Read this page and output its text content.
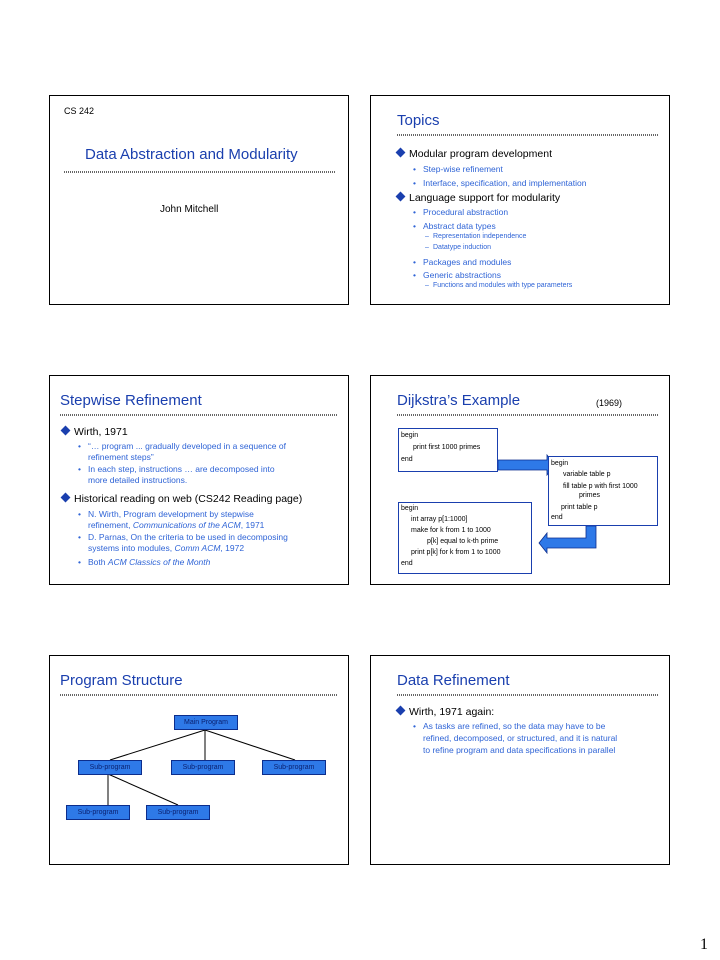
CS 242
Data Abstraction and Modularity
John Mitchell
Topics
Modular program development
• Step-wise refinement
• Interface, specification, and implementation
Language support for modularity
• Procedural abstraction
• Abstract data types
– Representation independence
– Datatype induction
• Packages and modules
• Generic abstractions
– Functions and modules with type parameters
Stepwise Refinement
Wirth, 1971
• “… program ... gradually developed in a sequence of
refinement steps”
• In each step, instructions … are decomposed into
more detailed instructions.
Historical reading on web (CS242 Reading page)
• N. Wirth, Program development by stepwise
refinement, Communications of the ACM, 1971
• D. Parnas, On the criteria to be used in decomposing
systems into modules, Comm ACM, 1972
• Both ACM Classics of the Month
Dijkstra’s Example	(1969)
begin
print first 1000 primes
end
begin
variable table p
fill table p with first 1000
primes
print table p
end
begin
int array p[1:1000]
make for k from 1 to 1000
p[k] equal to k-th prime
print p[k] for k from 1 to 1000
end
Program Structure
Main Program
Sub-program	Sub-program	Sub-program
Sub-program	Sub-program
Data Refinement
Wirth, 1971 again:
• As tasks are refined, so the data may have to be
refined, decomposed, or structured, and it is natural
to refine program and data specifications in parallel
1
